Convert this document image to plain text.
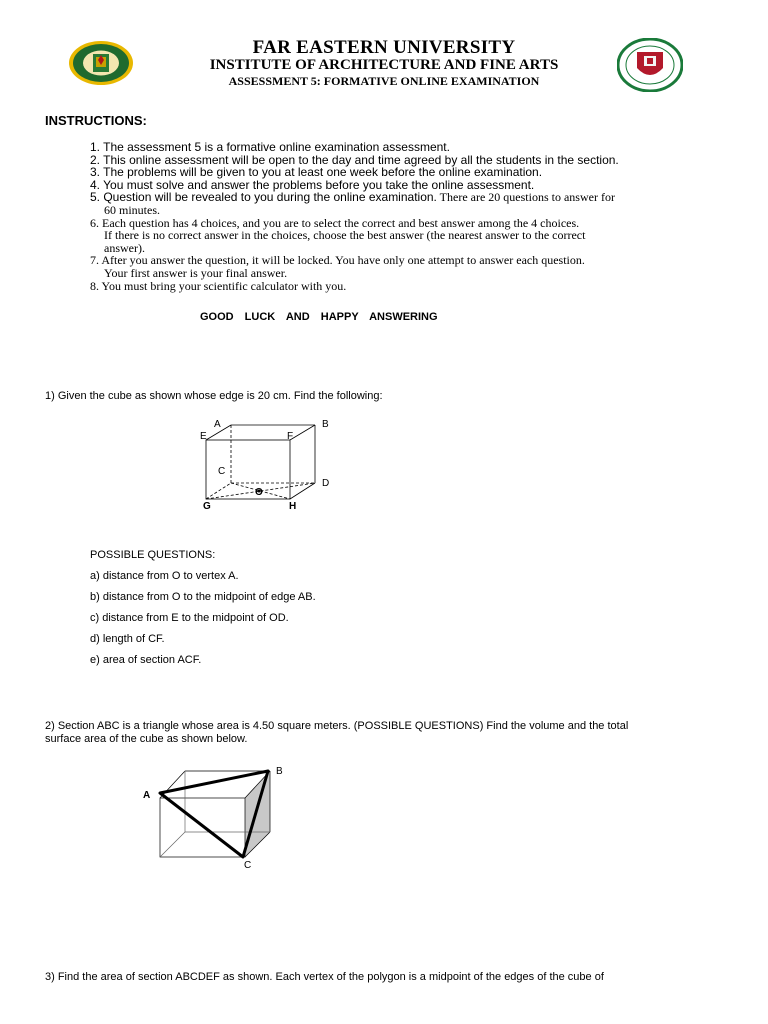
FAR EASTERN UNIVERSITY
INSTITUTE OF ARCHITECTURE AND FINE ARTS
ASSESSMENT 5: FORMATIVE ONLINE EXAMINATION
INSTRUCTIONS:
1. The assessment 5 is a formative online examination assessment.
2. This online assessment will be open to the day and time agreed by all the students in the section.
3. The problems will be given to you at least one week before the online examination.
4. You must solve and answer the problems before you take the online assessment.
5. Question will be revealed to you during the online examination. There are 20 questions to answer for
60 minutes.
6. Each question has 4 choices, and you are to select the correct and best answer among the 4 choices.
If there is no correct answer in the choices, choose the best answer (the nearest answer to the correct
answer).
7. After you answer the question, it will be locked. You have only one attempt to answer each question.
Your first answer is your final answer.
8. You must bring your scientific calculator with you.
GOOD LUCK AND HAPPY ANSWERING
1) Given the cube as shown whose edge is 20 cm. Find the following:
A	B
E	F
C
D
O
G	H
POSSIBLE QUESTIONS:
a) distance from O to vertex A.
b) distance from O to the midpoint of edge AB.
c) distance from E to the midpoint of OD.
d) length of CF.
e) area of section ACF.
2) Section ABC is a triangle whose area is 4.50 square meters. (POSSIBLE QUESTIONS) Find the volume and the total
surface area of the cube as shown below.
B
A
C
3) Find the area of section ABCDEF as shown. Each vertex of the polygon is a midpoint of the edges of the cube of
